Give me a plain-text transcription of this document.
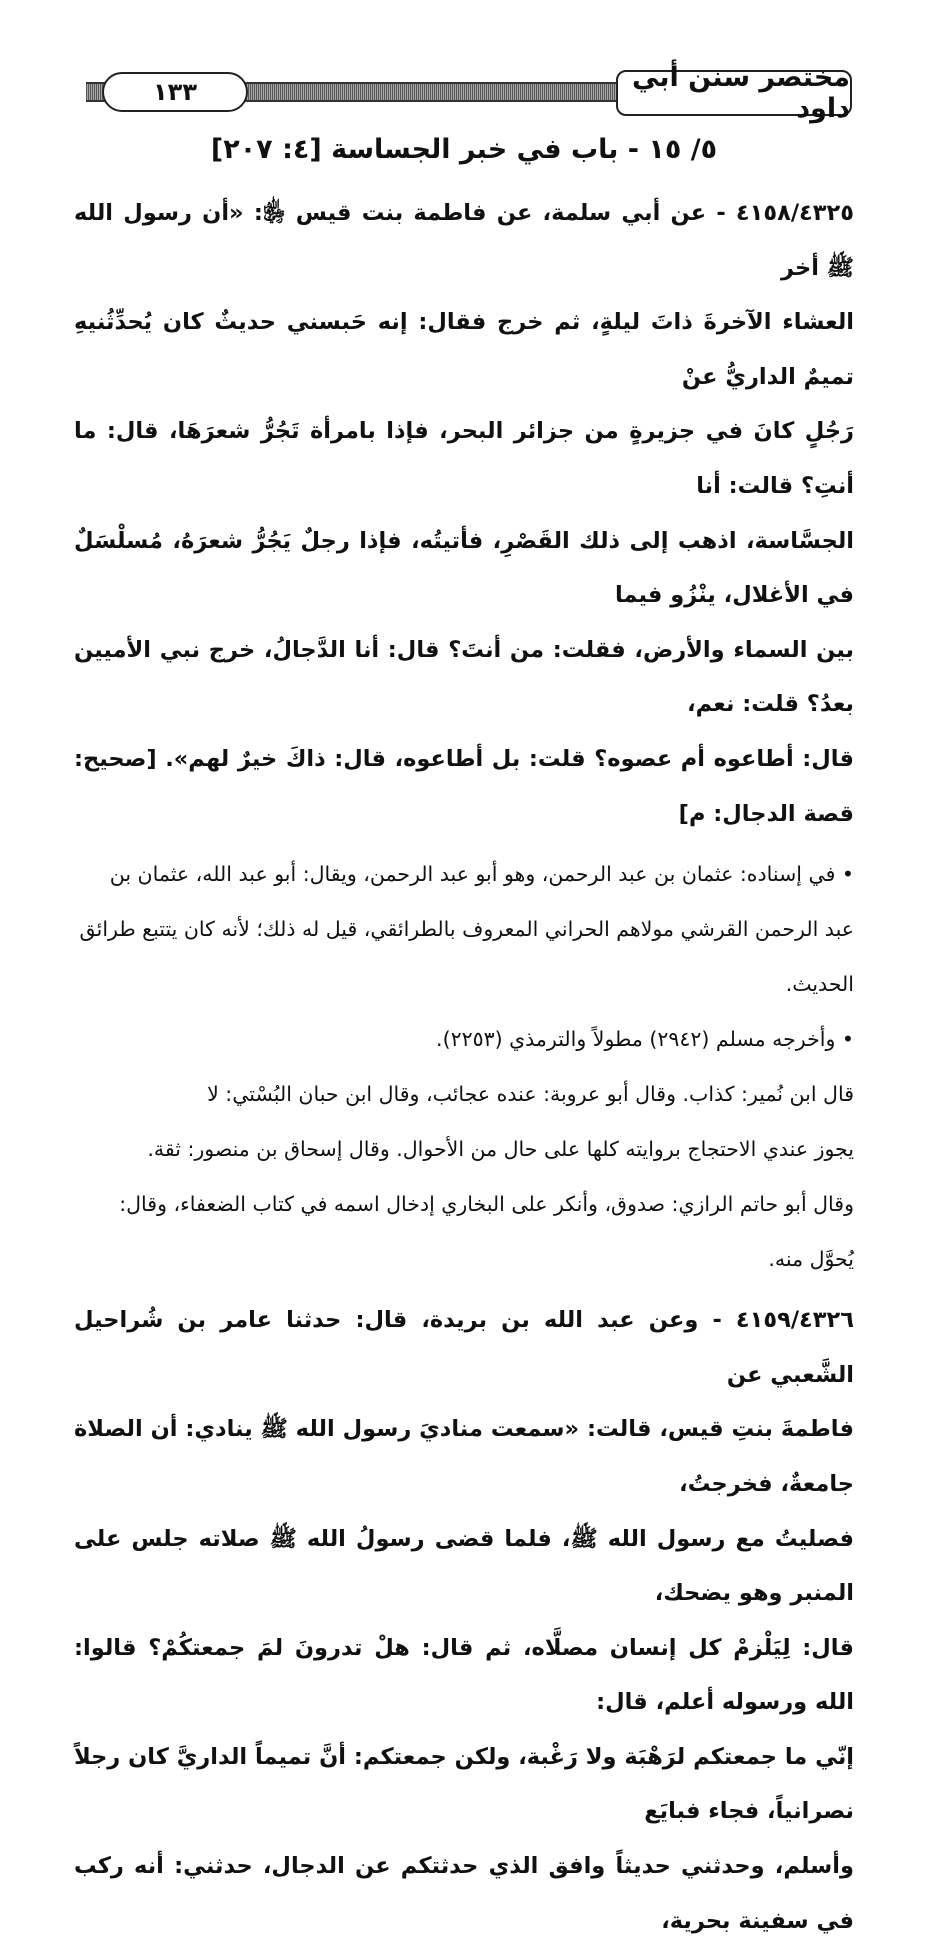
١٣٣	مختصر سنن أبي داود
٥/ ١٥ - باب في خبر الجساسة [٤: ٢٠٧]

٤١٥٨/٤٣٢٥ - عن أبي سلمة، عن فاطمة بنت قيس ﵂: «أن رسول الله ﷺ أخر
العشاء الآخرةَ ذاتَ ليلةٍ، ثم خرج فقال: إنه حَبسني حديثٌ كان يُحدِّثُنيهِ تميمٌ الداريُّ عنْ
رَجُلٍ كانَ في جزيرةٍ من جزائر البحر، فإذا بامرأة تَجُرُّ شعرَهَا، قال: ما أنتِ؟ قالت: أنا
الجسَّاسة، اذهب إلى ذلك القَصْرِ، فأتيتُه، فإذا رجلٌ يَجُرُّ شعرَهُ، مُسلْسَلٌ في الأغلال، ينْزُو فيما
بين السماء والأرض، فقلت: من أنتَ؟ قال: أنا الدَّجالُ، خرج نبي الأميين بعدُ؟ قلت: نعم،
قال: أطاعوه أم عصوه؟ قلت: بل أطاعوه، قال: ذاكَ خيرٌ لهم». [صحيح: قصة الدجال: م]

• في إسناده: عثمان بن عبد الرحمن، وهو أبو عبد الرحمن، ويقال: أبو عبد الله، عثمان بن
عبد الرحمن القرشي مولاهم الحراني المعروف بالطرائقي، قيل له ذلك؛ لأنه كان يتتبع طرائق
الحديث.

• وأخرجه مسلم (٢٩٤٢) مطولاً والترمذي (٢٢٥٣).

قال ابن نُمير: كذاب. وقال أبو عروبة: عنده عجائب، وقال ابن حبان البُسْتي: لا
يجوز عندي الاحتجاج بروايته كلها على حال من الأحوال. وقال إسحاق بن منصور: ثقة.
وقال أبو حاتم الرازي: صدوق، وأنكر على البخاري إدخال اسمه في كتاب الضعفاء، وقال:
يُحوَّل منه.

٤١٥٩/٤٣٢٦ - وعن عبد الله بن بريدة، قال: حدثنا عامر بن شُراحيل الشَّعبي عن
فاطمةَ بنتِ قيس، قالت: «سمعت مناديَ رسول الله ﷺ ينادي: أن الصلاة جامعةٌ، فخرجتُ،
فصليتُ مع رسول الله ﷺ، فلما قضى رسولُ الله ﷺ صلاته جلس على المنبر وهو يضحك،
قال: لِيَلْزمْ كل إنسان مصلَّاه، ثم قال: هلْ تدرونَ لمَ جمعتكُمْ؟ قالوا: الله ورسوله أعلم، قال:
إنّي ما جمعتكم لرَهْبَة ولا رَغْبة، ولكن جمعتكم: أنَّ تميماً الداريَّ كان رجلاً نصرانياً، فجاء فبايَع
وأسلم، وحدثني حديثاً وافق الذي حدثتكم عن الدجال، حدثني: أنه ركب في سفينة بحرية،
